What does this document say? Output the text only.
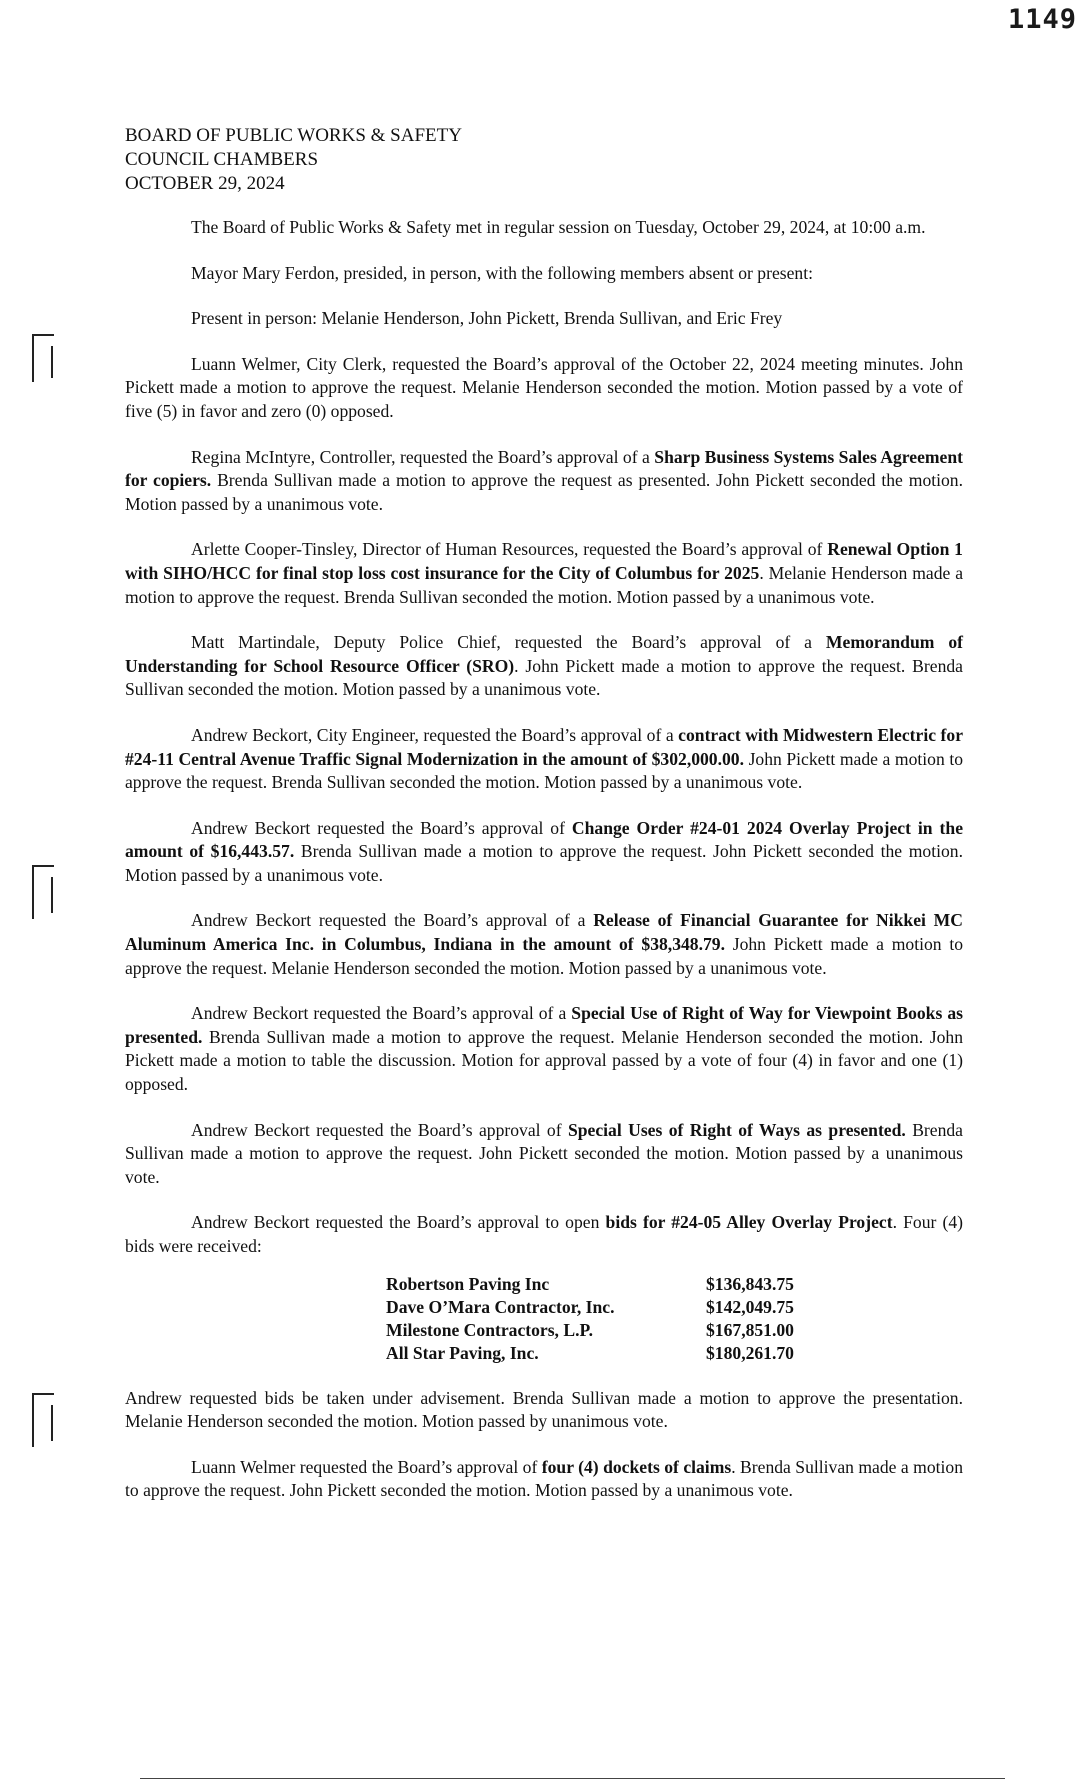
1149
BOARD OF PUBLIC WORKS & SAFETY
COUNCIL CHAMBERS
OCTOBER 29, 2024

The Board of Public Works & Safety met in regular session on Tuesday, October 29, 2024, at 10:00 a.m.

Mayor Mary Ferdon, presided, in person, with the following members absent or present:

Present in person: Melanie Henderson, John Pickett, Brenda Sullivan, and Eric Frey

Luann Welmer, City Clerk, requested the Board’s approval of the October 22, 2024 meeting minutes. John Pickett made a motion to approve the request. Melanie Henderson seconded the motion. Motion passed by a vote of five (5) in favor and zero (0) opposed.

Regina McIntyre, Controller, requested the Board’s approval of a Sharp Business Systems Sales Agreement for copiers. Brenda Sullivan made a motion to approve the request as presented. John Pickett seconded the motion. Motion passed by a unanimous vote.

Arlette Cooper-Tinsley, Director of Human Resources, requested the Board’s approval of Renewal Option 1 with SIHO/HCC for final stop loss cost insurance for the City of Columbus for 2025. Melanie Henderson made a motion to approve the request. Brenda Sullivan seconded the motion. Motion passed by a unanimous vote.

Matt Martindale, Deputy Police Chief, requested the Board’s approval of a Memorandum of Understanding for School Resource Officer (SRO). John Pickett made a motion to approve the request. Brenda Sullivan seconded the motion. Motion passed by a unanimous vote.

Andrew Beckort, City Engineer, requested the Board’s approval of a contract with Midwestern Electric for #24-11 Central Avenue Traffic Signal Modernization in the amount of $302,000.00. John Pickett made a motion to approve the request. Brenda Sullivan seconded the motion. Motion passed by a unanimous vote.

Andrew Beckort requested the Board’s approval of Change Order #24-01 2024 Overlay Project in the amount of $16,443.57. Brenda Sullivan made a motion to approve the request. John Pickett seconded the motion. Motion passed by a unanimous vote.

Andrew Beckort requested the Board’s approval of a Release of Financial Guarantee for Nikkei MC Aluminum America Inc. in Columbus, Indiana in the amount of $38,348.79. John Pickett made a motion to approve the request. Melanie Henderson seconded the motion. Motion passed by a unanimous vote.

Andrew Beckort requested the Board’s approval of a Special Use of Right of Way for Viewpoint Books as presented. Brenda Sullivan made a motion to approve the request. Melanie Henderson seconded the motion. John Pickett made a motion to table the discussion. Motion for approval passed by a vote of four (4) in favor and one (1) opposed.

Andrew Beckort requested the Board’s approval of Special Uses of Right of Ways as presented. Brenda Sullivan made a motion to approve the request. John Pickett seconded the motion. Motion passed by a unanimous vote.

Andrew Beckort requested the Board’s approval to open bids for #24-05 Alley Overlay Project. Four (4) bids were received:

Robertson Paving Inc	$136,843.75
Dave O’Mara Contractor, Inc.	$142,049.75
Milestone Contractors, L.P.	$167,851.00
All Star Paving, Inc.	$180,261.70

Andrew requested bids be taken under advisement. Brenda Sullivan made a motion to approve the presentation. Melanie Henderson seconded the motion. Motion passed by unanimous vote.

Luann Welmer requested the Board’s approval of four (4) dockets of claims. Brenda Sullivan made a motion to approve the request. John Pickett seconded the motion. Motion passed by a unanimous vote.
